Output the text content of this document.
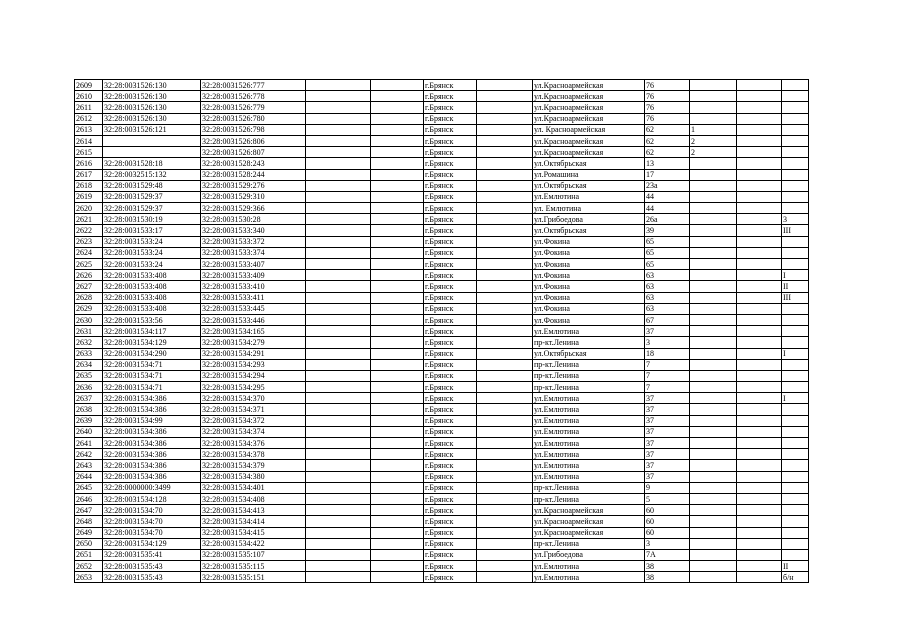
2609	32:28:0031526:130	32:28:0031526:777			г.Брянск		ул.Красноармейская	76			
2610	32:28:0031526:130	32:28:0031526:778			г.Брянск		ул.Красноармейская	76			
2611	32:28:0031526:130	32:28:0031526:779			г.Брянск		ул.Красноармейская	76			
2612	32:28:0031526:130	32:28:0031526:780			г.Брянск		ул.Красноармейская	76			
2613	32:28:0031526:121	32:28:0031526:798			г.Брянск		ул. Красноармейская	62	1		
2614		32:28:0031526:806			г.Брянск		ул.Красноармейская	62	2		
2615		32:28:0031526:807			г.Брянск		ул.Красноармейская	62	2		
2616	32:28:0031528:18	32:28:0031528:243			г.Брянск		ул.Октябрьская	13			
2617	32:28:0032515:132	32:28:0031528:244			г.Брянск		ул.Ромашина	17			
2618	32:28:0031529:48	32:28:0031529:276			г.Брянск		ул.Октябрьская	23а			
2619	32:28:0031529:37	32:28:0031529:310			г.Брянск		ул.Емлютина	44			
2620	32:28:0031529:37	32:28:0031529:366			г.Брянск		ул. Емлютина	44			
2621	32:28:0031530:19	32:28:0031530:28			г.Брянск		ул.Грибоедова	26а			3
2622	32:28:0031533:17	32:28:0031533:340			г.Брянск		ул.Октябрьская	39			III
2623	32:28:0031533:24	32:28:0031533:372			г.Брянск		ул.Фокина	65			
2624	32:28:0031533:24	32:28:0031533:374			г.Брянск		ул.Фокина	65			
2625	32:28:0031533:24	32:28:0031533:407			г.Брянск		ул.Фокина	65			
2626	32:28:0031533:408	32:28:0031533:409			г.Брянск		ул.Фокина	63			I
2627	32:28:0031533:408	32:28:0031533:410			г.Брянск		ул.Фокина	63			II
2628	32:28:0031533:408	32:28:0031533:411			г.Брянск		ул.Фокина	63			III
2629	32:28:0031533:408	32:28:0031533:445			г.Брянск		ул.Фокина	63			
2630	32:28:0031533:56	32:28:0031533:446			г.Брянск		ул.Фокина	67			
2631	32:28:0031534:117	32:28:0031534:165			г.Брянск		ул.Емлютина	37			
2632	32:28:0031534:129	32:28:0031534:279			г.Брянск		пр-кт.Ленина	3			
2633	32:28:0031534:290	32:28:0031534:291			г.Брянск		ул.Октябрьская	18			I
2634	32:28:0031534:71	32:28:0031534:293			г.Брянск		пр-кт.Ленина	7			
2635	32:28:0031534:71	32:28:0031534:294			г.Брянск		пр-кт.Ленина	7			
2636	32:28:0031534:71	32:28:0031534:295			г.Брянск		пр-кт.Ленина	7			
2637	32:28:0031534:386	32:28:0031534:370			г.Брянск		ул.Емлютина	37			I
2638	32:28:0031534:386	32:28:0031534:371			г.Брянск		ул.Емлютина	37			
2639	32:28:0031534:99	32:28:0031534:372			г.Брянск		ул.Емлютина	37			
2640	32:28:0031534:386	32:28:0031534:374			г.Брянск		ул.Емлютина	37			
2641	32:28:0031534:386	32:28:0031534:376			г.Брянск		ул.Емлютина	37			
2642	32:28:0031534:386	32:28:0031534:378			г.Брянск		ул.Емлютина	37			
2643	32:28:0031534:386	32:28:0031534:379			г.Брянск		ул.Емлютина	37			
2644	32:28:0031534:386	32:28:0031534:380			г.Брянск		ул.Емлютина	37			
2645	32:28:0000000:3499	32:28:0031534:401			г.Брянск		пр-кт.Ленина	9			
2646	32:28:0031534:128	32:28:0031534:408			г.Брянск		пр-кт.Ленина	5			
2647	32:28:0031534:70	32:28:0031534:413			г.Брянск		ул.Красноармейская	60			
2648	32:28:0031534:70	32:28:0031534:414			г.Брянск		ул.Красноармейская	60			
2649	32:28:0031534:70	32:28:0031534:415			г.Брянск		ул.Красноармейская	60			
2650	32:28:0031534:129	32:28:0031534:422			г.Брянск		пр-кт.Ленина	3			
2651	32:28:0031535:41	32:28:0031535:107			г.Брянск		ул.Грибоедова	7А			
2652	32:28:0031535:43	32:28:0031535:115			г.Брянск		ул.Емлютина	38			II
2653	32:28:0031535:43	32:28:0031535:151			г.Брянск		ул.Емлютина	38			б/н
